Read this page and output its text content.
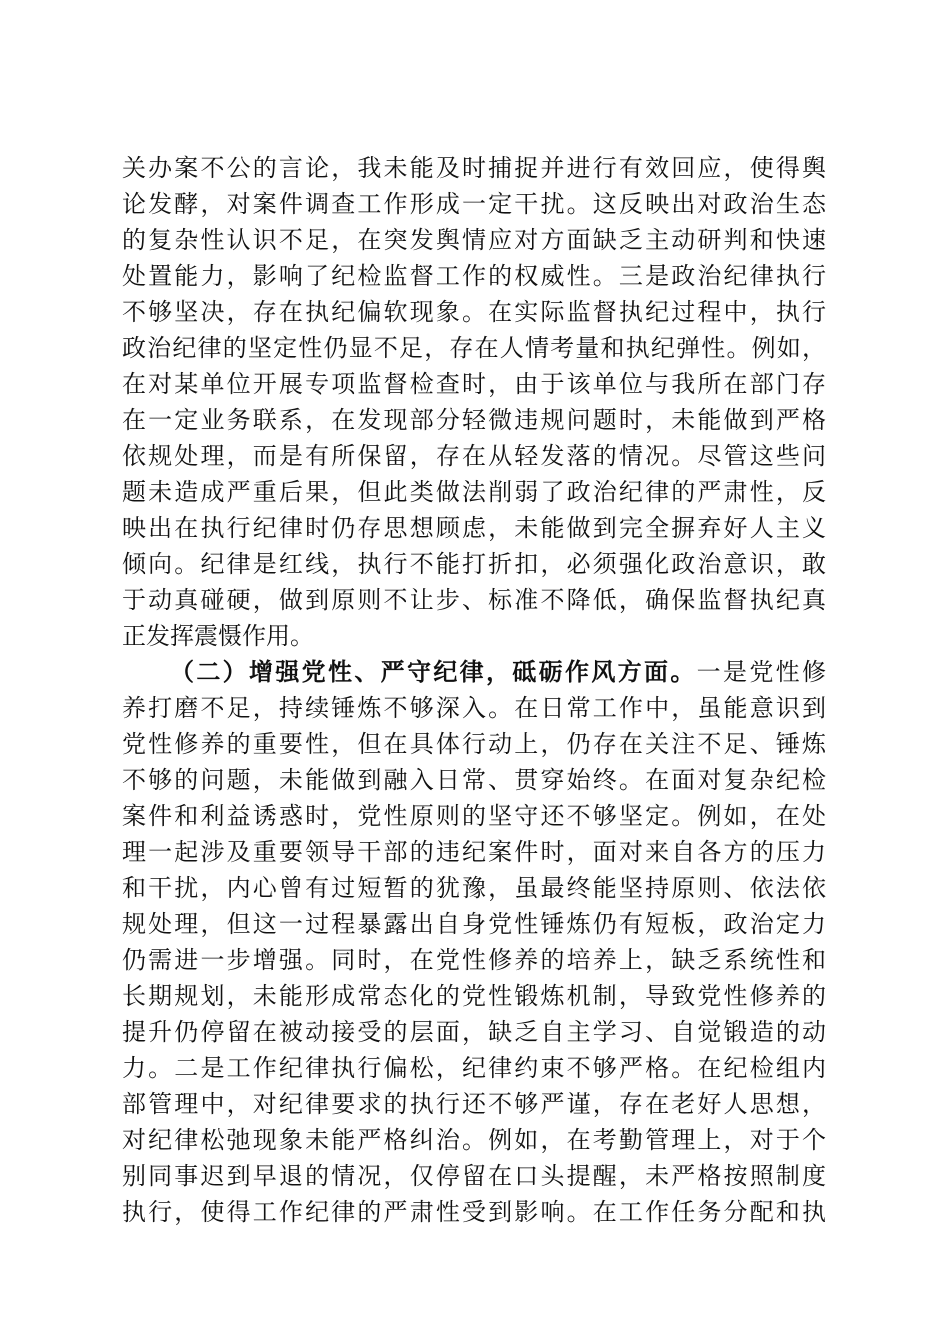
关办案不公的言论，我未能及时捕捉并进行有效回应，使得舆
论发酵，对案件调查工作形成一定干扰。这反映出对政治生态
的复杂性认识不足，在突发舆情应对方面缺乏主动研判和快速
处置能力，影响了纪检监督工作的权威性。三是政治纪律执行
不够坚决，存在执纪偏软现象。在实际监督执纪过程中，执行
政治纪律的坚定性仍显不足，存在人情考量和执纪弹性。例如，
在对某单位开展专项监督检查时，由于该单位与我所在部门存
在一定业务联系，在发现部分轻微违规问题时，未能做到严格
依规处理，而是有所保留，存在从轻发落的情况。尽管这些问
题未造成严重后果，但此类做法削弱了政治纪律的严肃性，反
映出在执行纪律时仍存思想顾虑，未能做到完全摒弃好人主义
倾向。纪律是红线，执行不能打折扣，必须强化政治意识，敢
于动真碰硬，做到原则不让步、标准不降低，确保监督执纪真
正发挥震慑作用。
（二）增强党性、严守纪律，砥砺作风方面。一是党性修
养打磨不足，持续锤炼不够深入。在日常工作中，虽能意识到
党性修养的重要性，但在具体行动上，仍存在关注不足、锤炼
不够的问题，未能做到融入日常、贯穿始终。在面对复杂纪检
案件和利益诱惑时，党性原则的坚守还不够坚定。例如，在处
理一起涉及重要领导干部的违纪案件时，面对来自各方的压力
和干扰，内心曾有过短暂的犹豫，虽最终能坚持原则、依法依
规处理，但这一过程暴露出自身党性锤炼仍有短板，政治定力
仍需进一步增强。同时，在党性修养的培养上，缺乏系统性和
长期规划，未能形成常态化的党性锻炼机制，导致党性修养的
提升仍停留在被动接受的层面，缺乏自主学习、自觉锻造的动
力。二是工作纪律执行偏松，纪律约束不够严格。在纪检组内
部管理中，对纪律要求的执行还不够严谨，存在老好人思想，
对纪律松弛现象未能严格纠治。例如，在考勤管理上，对于个
别同事迟到早退的情况，仅停留在口头提醒，未严格按照制度
执行，使得工作纪律的严肃性受到影响。在工作任务分配和执
